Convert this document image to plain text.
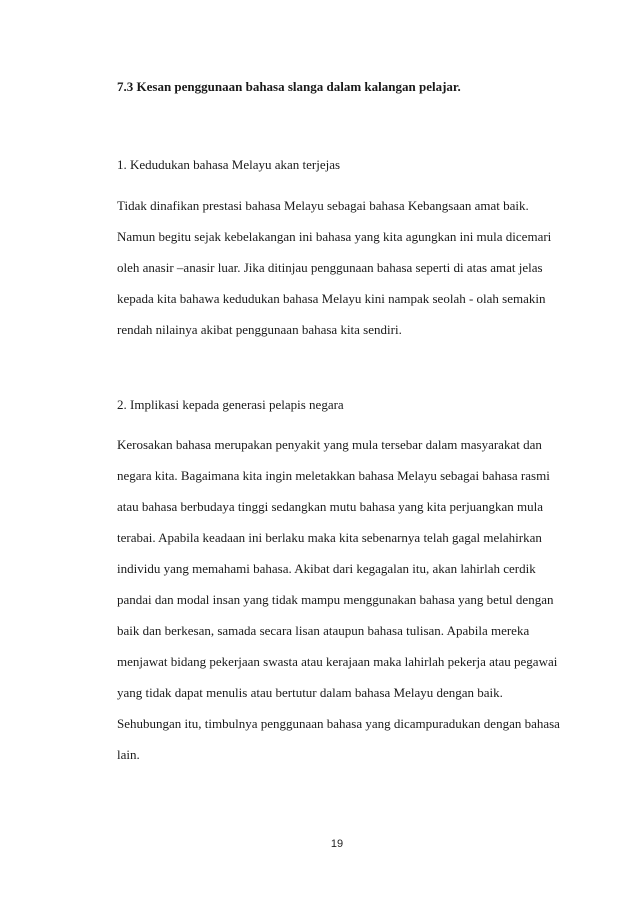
7.3 Kesan penggunaan bahasa slanga dalam kalangan pelajar.
1. Kedudukan bahasa Melayu akan terjejas
Tidak dinafikan prestasi bahasa Melayu sebagai bahasa Kebangsaan amat baik.
Namun begitu sejak kebelakangan ini bahasa yang kita agungkan ini mula dicemari
oleh anasir –anasir luar. Jika ditinjau penggunaan bahasa seperti di atas amat jelas
kepada kita bahawa kedudukan bahasa Melayu kini nampak seolah - olah semakin
rendah nilainya akibat penggunaan bahasa kita sendiri.
2. Implikasi kepada generasi pelapis negara
Kerosakan bahasa merupakan penyakit yang mula tersebar dalam masyarakat dan
negara kita. Bagaimana kita ingin meletakkan bahasa Melayu sebagai bahasa rasmi
atau bahasa berbudaya tinggi sedangkan mutu bahasa yang kita perjuangkan mula
terabai. Apabila keadaan ini berlaku maka kita sebenarnya telah gagal melahirkan
individu yang memahami bahasa. Akibat dari kegagalan itu, akan lahirlah cerdik
pandai dan modal insan yang tidak mampu menggunakan bahasa yang betul dengan
baik dan berkesan, samada secara lisan ataupun bahasa tulisan. Apabila mereka
menjawat bidang pekerjaan swasta atau kerajaan maka lahirlah pekerja atau pegawai
yang tidak dapat menulis atau bertutur dalam bahasa Melayu dengan baik.
Sehubungan itu, timbulnya penggunaan bahasa yang dicampuradukan dengan bahasa
lain.
19
